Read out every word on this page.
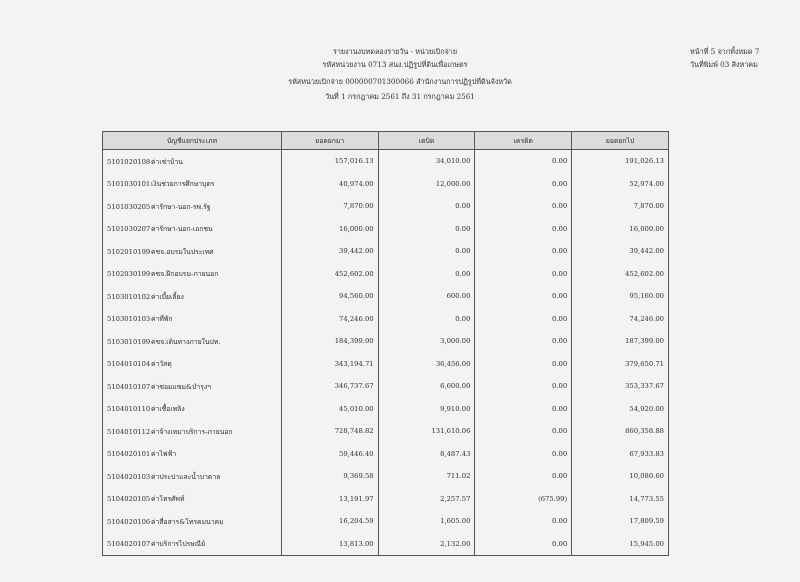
รายงานงบทดลองรายวัน - หน่วยเบิกจ่าย
รหัสหน่วยงาน 0713 สนง.ปฏิรูปที่ดินเพื่อเกษตร
รหัสหน่วยเบิกจ่าย 000000701300066 สำนักงานการปฏิรูปที่ดินจังหวัด
วันที่ 1 กรกฎาคม 2561 ถึง 31 กรกฎาคม 2561
หน้าที่ 5 จากทั้งหมด 7
วันที่พิมพ์ 03 สิงหาคม
บัญชีแยกประเภท	ยอดยกมา	เดบิต	เครดิต	ยอดยกไป
5101020108ค่าเช่าบ้าน	157,016.13	34,010.00	0.00	191,026.13
5101030101เงินช่วยการศึกษาบุตร	40,974.00	12,000.00	0.00	52,974.00
5101030205ค่ารักษา-นอก-รพ.รัฐ	7,870.00	0.00	0.00	7,870.00
5101030207ค่ารักษา-นอก-เอกชน	16,000.00	0.00	0.00	16,000.00
5102010199คชจ.อบรมในประเทศ	39,442.00	0.00	0.00	39,442.00
5102030199คชจ.ฝึกอบรม-ภายนอก	452,602.00	0.00	0.00	452,602.00
5103010102ค่าเบี้ยเลี้ยง	94,560.00	600.00	0.00	95,160.00
5103010103ค่าที่พัก	74,246.00	0.00	0.00	74,246.00
5103010199คชจ.เดินทางภายในปท.	184,399.00	3,000.00	0.00	187,399.00
5104010104ค่าวัสดุ	343,194.71	36,456.00	0.00	379,650.71
5104010107ค่าซ่อมแซม&บำรุงฯ	346,737.67	6,600.00	0.00	353,337.67
5104010110ค่าเชื้อเพลิง	45,010.00	9,910.00	0.00	54,920.00
5104010112ค่าจ้างเหมาบริการ-ภายนอก	728,748.82	131,610.06	0.00	860,358.88
5104020101ค่าไฟฟ้า	59,446.40	8,487.43	0.00	67,933.83
5104020103ค่าประปาและน้ำบาดาล	9,369.58	711.02	0.00	10,080.60
5104020105ค่าโทรศัพท์	13,191.97	2,257.57	(675.99)	14,773.55
5104020106ค่าสื่อสาร&โทรคมนาคม	16,204.59	1,605.00	0.00	17,809.59
5104020107ค่าบริการไปรษณีย์	13,813.00	2,132.00	0.00	15,945.00
